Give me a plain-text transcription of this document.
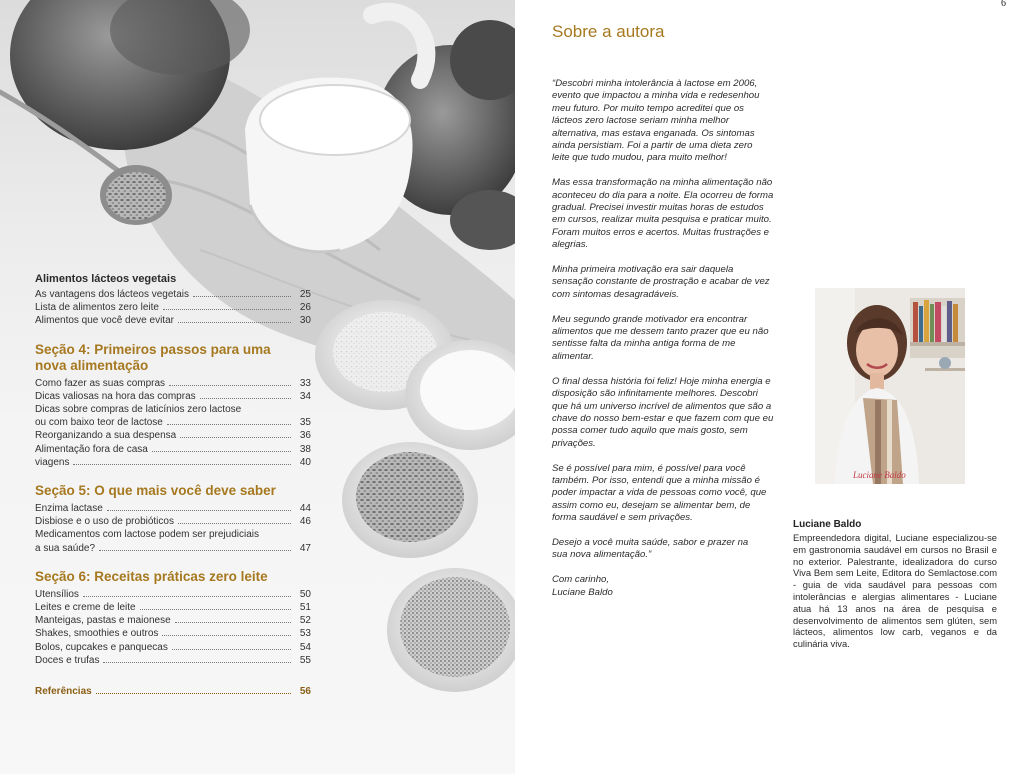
Alimentos lácteos vegetais
As vantagens dos lácteos vegetais	25
Lista de alimentos zero leite	26
Alimentos que você deve evitar	30
Seção 4: Primeiros passos para uma
nova alimentação
Como fazer as suas compras	33
Dicas valiosas na hora das compras	34
Dicas sobre compras de laticínios zero lactose
ou com baixo teor de lactose	35
Reorganizando a sua despensa	36
Alimentação fora de casa	38
viagens	40
Seção 5: O que mais você deve saber
Enzima lactase	44
Disbiose e o uso de probióticos	46
Medicamentos com lactose podem ser prejudiciais
a sua saúde?	47
Seção 6: Receitas práticas zero leite
Utensílios	50
Leites e creme de leite	51
Manteigas, pastas e maionese	52
Shakes, smoothies e outros	53
Bolos, cupcakes e panquecas	54
Doces e trufas	55
Referências	56
6
Sobre a autora

“Descobri minha intolerância à lactose em 2006,
evento que impactou a minha vida e redesenhou
meu futuro. Por muito tempo acreditei que os
lácteos zero lactose seriam minha melhor
alternativa, mas estava enganada. Os sintomas
ainda persistiam. Foi a partir de uma dieta zero
leite que tudo mudou, para muito melhor!

Mas essa transformação na minha alimentação não
aconteceu do dia para a noite. Ela ocorreu de forma
gradual. Precisei investir muitas horas de estudos
em cursos, realizar muita pesquisa e praticar muito.
Foram muitos erros e acertos. Muitas frustrações e
alegrias.

Minha primeira motivação era sair daquela
sensação constante de prostração e acabar de vez
com sintomas desagradáveis.

Meu segundo grande motivador era encontrar
alimentos que me dessem tanto prazer que eu não
sentisse falta da minha antiga forma de me
alimentar.

O final dessa história foi feliz! Hoje minha energia e
disposição são infinitamente melhores. Descobri
que há um universo incrível de alimentos que são a
chave do nosso bem-estar e que fazem com que eu
possa comer tudo aquilo que mais gosto, sem
privações.

Se é possível para mim, é possível para você
também. Por isso, entendi que a minha missão é
poder impactar a vida de pessoas como você, que
assim como eu, desejam se alimentar bem, de
forma saudável e sem privações.

Desejo a você muita saúde, sabor e prazer na
sua nova alimentação.”

Com carinho,
Luciane Baldo

Luciane Baldo
Luciane Baldo
Empreendedora digital, Luciane especializou-se em gastronomia saudável em cursos no Brasil e no exterior. Palestrante, idealizadora do curso Viva Bem sem Leite, Editora do Semlactose.com - guia de vida saudável para pessoas com intolerâncias e alergias alimentares - Luciane atua há 13 anos na área de pesquisa e desenvolvimento de alimentos sem glúten, sem lácteos, alimentos low carb, veganos e da culinária viva.
